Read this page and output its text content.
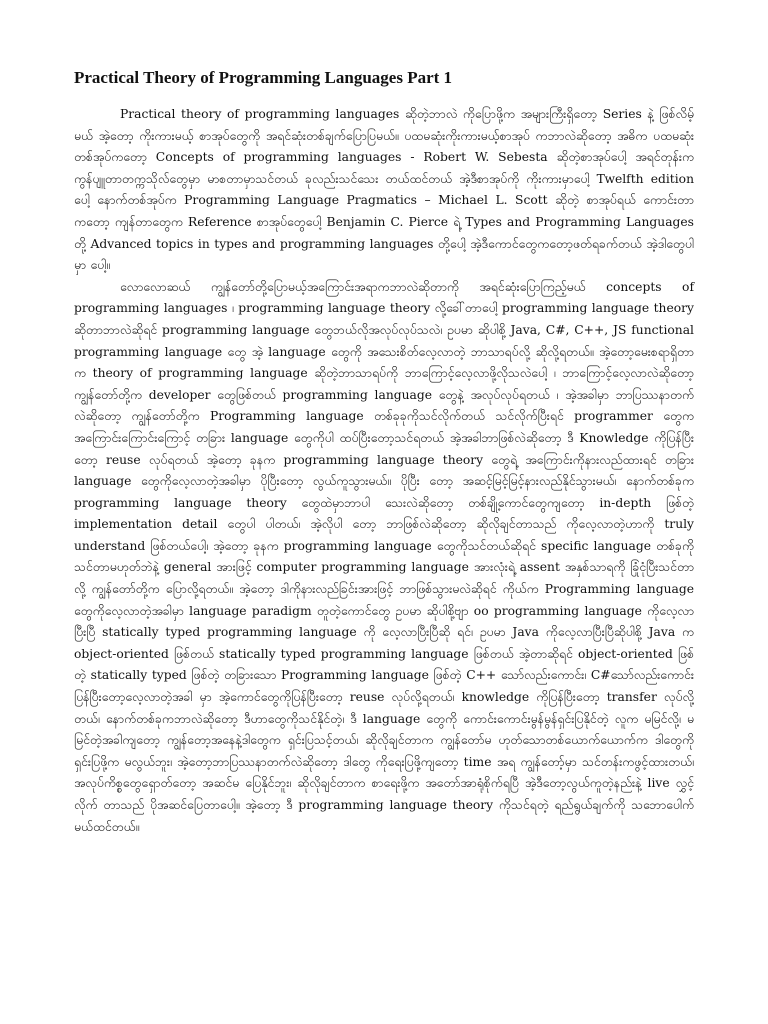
Practical Theory of Programming Languages Part 1

Practical theory of programming languages ဆိုတဲ့ဘာလဲ ကိုပြောဖို့က အများကြီးရှိတော့ Series နဲ့ ဖြစ်လိမ့်မယ် အဲ့တော့ ကိုးကားမယ့် စာအုပ်တွေကို အရင်ဆုံးတစ်ချက်ပြောပြမယ်။ ပထမဆုံးကိုးကားမယ့်စာအုပ် ကဘာလဲဆိုတော့ အဓိက ပထမဆုံးတစ်အုပ်ကတော့ Concepts of programming languages - Robert W. Sebesta ဆိုတဲ့စာအုပ်ပေါ့ အရင်တုန်းက ကွန်ပျူတာတက္ကသိုလ်တွေမှာ မာစတာမှာသင်တယ် ခုလည်းသင်သေး တယ်ထင်တယ် အဲ့ဒီစာအုပ်ကို ကိုးကားမှာပေါ့ Twelfth edition ပေါ့ နောက်တစ်အုပ်က Programming Language Pragmatics – Michael L. Scott ဆိုတဲ့ စာအုပ်ရယ် ကောင်းတာကတော့ ကျန်တာတွေက Reference စာအုပ်တွေပေါ့ Benjamin C. Pierce ရဲ့ Types and Programming Languages တို့ Advanced topics in types and programming languages တို့ပေါ့ အဲ့ဒီကောင်တွေကတော့ဖတ်ရခက်တယ် အဲ့ဒါတွေပါမှာ ပေါ့။

လောလောဆယ် ကျွန်တော်တို့ပြောမယ့်အကြောင်းအရာကဘာလဲဆိုတာကို အရင်ဆုံးပြောကြည့်မယ် concepts of programming languages ၊ programming language theory လို့ခေါ်တာပေါ့ programming language theory ဆိုတာဘာလဲဆိုရင် programming language တွေဘယ်လိုအလုပ်လုပ်သလဲ၊ ဥပမာ ဆိုပါစို့ Java, C#, C++, JS functional programming language တွေ အဲ့ language တွေကို အသေးစိတ်လေ့လာတဲ့ ဘာသာရပ်လို့ ဆိုလို့ရတယ်။ အဲ့တော့မေးစရာရှိတာက theory of programming language ဆိုတဲ့ဘာသာရပ်ကို ဘာကြောင့်လေ့လာဖို့လိုသလဲပေါ့ ၊ ဘာကြောင့်လေ့လာလဲဆိုတော့ ကျွန်တော်တို့က developer တွေဖြစ်တယ် programming language တွေနဲ့ အလုပ်လုပ်ရတယ် ၊ အဲ့အခါမှာ ဘာပြဿနာတက်လဲဆိုတော့ ကျွန်တော်တို့က Programming language တစ်ခုခုကိုသင်လိုက်တယ် သင်လိုက်ပြီးရင် programmer တွေက အကြောင်းကြောင်းကြောင့် တခြား language တွေကိုပါ ထပ်ပြီးတော့သင်ရတယ် အဲ့အခါဘာဖြစ်လဲဆိုတော့ ဒီ Knowledge ကိုပြန်ပြီးတော့ reuse လုပ်ရတယ် အဲ့တော့ ခုနက programming language theory တွေရဲ့ အကြောင်းကိုနားလည်ထားရင် တခြား language တွေကိုလေ့လာတဲ့အခါမှာ ပိုပြီးတော့ လွယ်ကူသွားမယ်။ ပိုပြီး တော့ အဆင့်မြင့်မြင့်နားလည်နိုင်သွားမယ်၊ နောက်တစ်ခုက programming language theory တွေထဲမှာဘာပါ သေးလဲဆိုတော့ တစ်ချို့ကောင်တွေကျတော့ in-depth ဖြစ်တဲ့ implementation detail တွေပါ ပါတယ်၊ အဲ့လိုပါ တော့ ဘာဖြစ်လဲဆိုတော့ ဆိုလိုချင်တာသည် ကိုလေ့လာတဲ့ဟာကို truly understand ဖြစ်တယ်ပေါ့၊ အဲ့တော့ ခုနက programming language တွေကိုသင်တယ်ဆိုရင် specific language တစ်ခုကို သင်တာမဟုတ်ဘဲနဲ့ general အားဖြင့် computer programming language အားလုံးရဲ့ assent အနှစ်သာရကို ခြုံငုံပြီးသင်တာလို့ ကျွန်တော်တို့က ပြောလို့ရတယ်။ အဲ့တော့ ဒါကိုနားလည်ခြင်းအားဖြင့် ဘာဖြစ်သွားမလဲဆိုရင် ကိုယ်က Programming language တွေကိုလေ့လာတဲ့အခါမှာ language paradigm တူတဲ့ကောင်တွေ ဥပမာ ဆိုပါစို့ဗျာ oo programming language ကိုလေ့လာပြီးပြီ statically typed programming language ကို လေ့လာပြီးပြီဆို ရင်၊ ဥပမာ Java ကိုလေ့လာပြီးပြီဆိုပါစို့ Java က object-oriented ဖြစ်တယ် statically typed programming language ဖြစ်တယ် အဲ့တာဆိုရင် object-oriented ဖြစ်တဲ့ statically typed ဖြစ်တဲ့ တခြားသော Programming language ဖြစ်တဲ့ C++ သော်လည်းကောင်း၊ C#သော်လည်းကောင်း ပြန်ပြီးတော့လေ့လာတဲ့အခါ မှာ အဲ့ကောင်တွေကိုပြန်ပြီးတော့ reuse လုပ်လို့ရတယ်၊ knowledge ကိုပြန်ပြီးတော့ transfer လုပ်လို့တယ်၊ နောက်တစ်ခုကဘာလဲဆိုတော့ ဒီဟာတွေကိုသင်နိုင်တဲ့၊ ဒီ language တွေကို ကောင်းကောင်းမွန်မွန်ရှင်းပြနိုင်တဲ့ လူက မမြင်လို့၊ မမြင်တဲ့အခါကျတော့ ကျွန်တော့အနေနဲ့ဒါတွေက ရှင်းပြသင့်တယ်၊ ဆိုလိုချင်တာက ကျွန်တော်မ ဟုတ်သောတစ်ယောက်ယောက်က ဒါတွေကိုရှင်းပြဖို့က မလွယ်ဘူး၊ အဲ့တော့ဘာပြဿနာတက်လဲဆိုတော့ ဒါတွေ ကိုရေးပြဖို့ကျတော့ time အရ ကျွန်တော့်မှာ သင်တန်းကဖွင့်ထားတယ်၊ အလုပ်ကိစ္စတွေရှောတ်တော့ အဆင်မ ပြေနိုင်ဘူး၊ ဆိုလိုချင်တာက စာရေးဖို့က အတော်အာရုံစိုက်ရပြီ အဲ့ဒီတော့လွယ်ကူတဲ့နည်းနဲ့ live လွှင့်လိုက် တာသည် ပိုအဆင်ပြေတာပေါ့။ အဲ့တော့ ဒီ programming language theory ကိုသင်ရတဲ့ ရည်ရွယ်ချက်ကို သဘောပေါက်မယ်ထင်တယ်။
